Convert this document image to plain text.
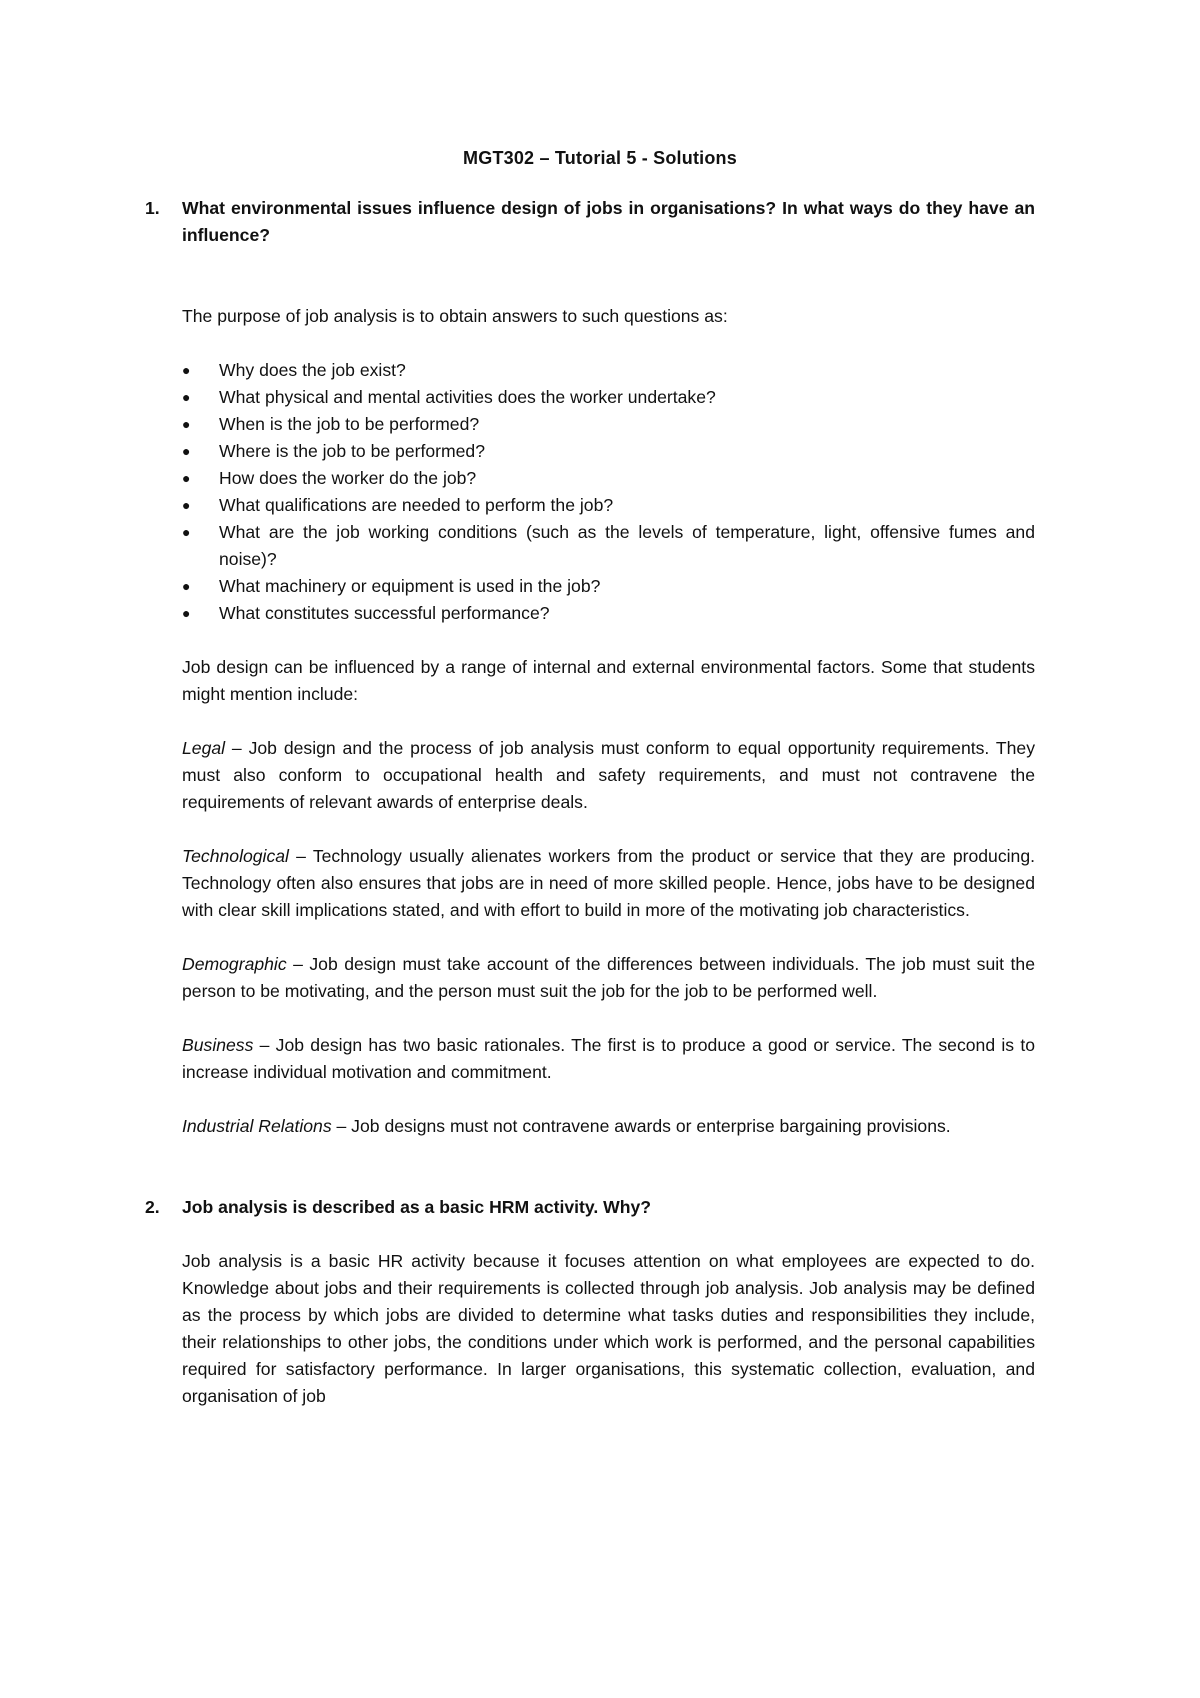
MGT302 – Tutorial 5 - Solutions
1.	What environmental issues influence design of jobs in organisations? In what ways do they have an influence?

The purpose of job analysis is to obtain answers to such questions as:

●	Why does the job exist?
●	What physical and mental activities does the worker undertake?
●	When is the job to be performed?
●	Where is the job to be performed?
●	How does the worker do the job?
●	What qualifications are needed to perform the job?
●	What are the job working conditions (such as the levels of temperature, light, offensive fumes and noise)?
●	What machinery or equipment is used in the job?
●	What constitutes successful performance?

Job design can be influenced by a range of internal and external environmental factors. Some that students might mention include:

Legal – Job design and the process of job analysis must conform to equal opportunity requirements. They must also conform to occupational health and safety requirements, and must not contravene the requirements of relevant awards of enterprise deals.

Technological – Technology usually alienates workers from the product or service that they are producing. Technology often also ensures that jobs are in need of more skilled people. Hence, jobs have to be designed with clear skill implications stated, and with effort to build in more of the motivating job characteristics.

Demographic – Job design must take account of the differences between individuals. The job must suit the person to be motivating, and the person must suit the job for the job to be performed well.

Business – Job design has two basic rationales. The first is to produce a good or service. The second is to increase individual motivation and commitment.

Industrial Relations – Job designs must not contravene awards or enterprise bargaining provisions.

2.	Job analysis is described as a basic HRM activity. Why?

Job analysis is a basic HR activity because it focuses attention on what employees are expected to do. Knowledge about jobs and their requirements is collected through job analysis. Job analysis may be defined as the process by which jobs are divided to determine what tasks duties and responsibilities they include, their relationships to other jobs, the conditions under which work is performed, and the personal capabilities required for satisfactory performance. In larger organisations, this systematic collection, evaluation, and organisation of job
